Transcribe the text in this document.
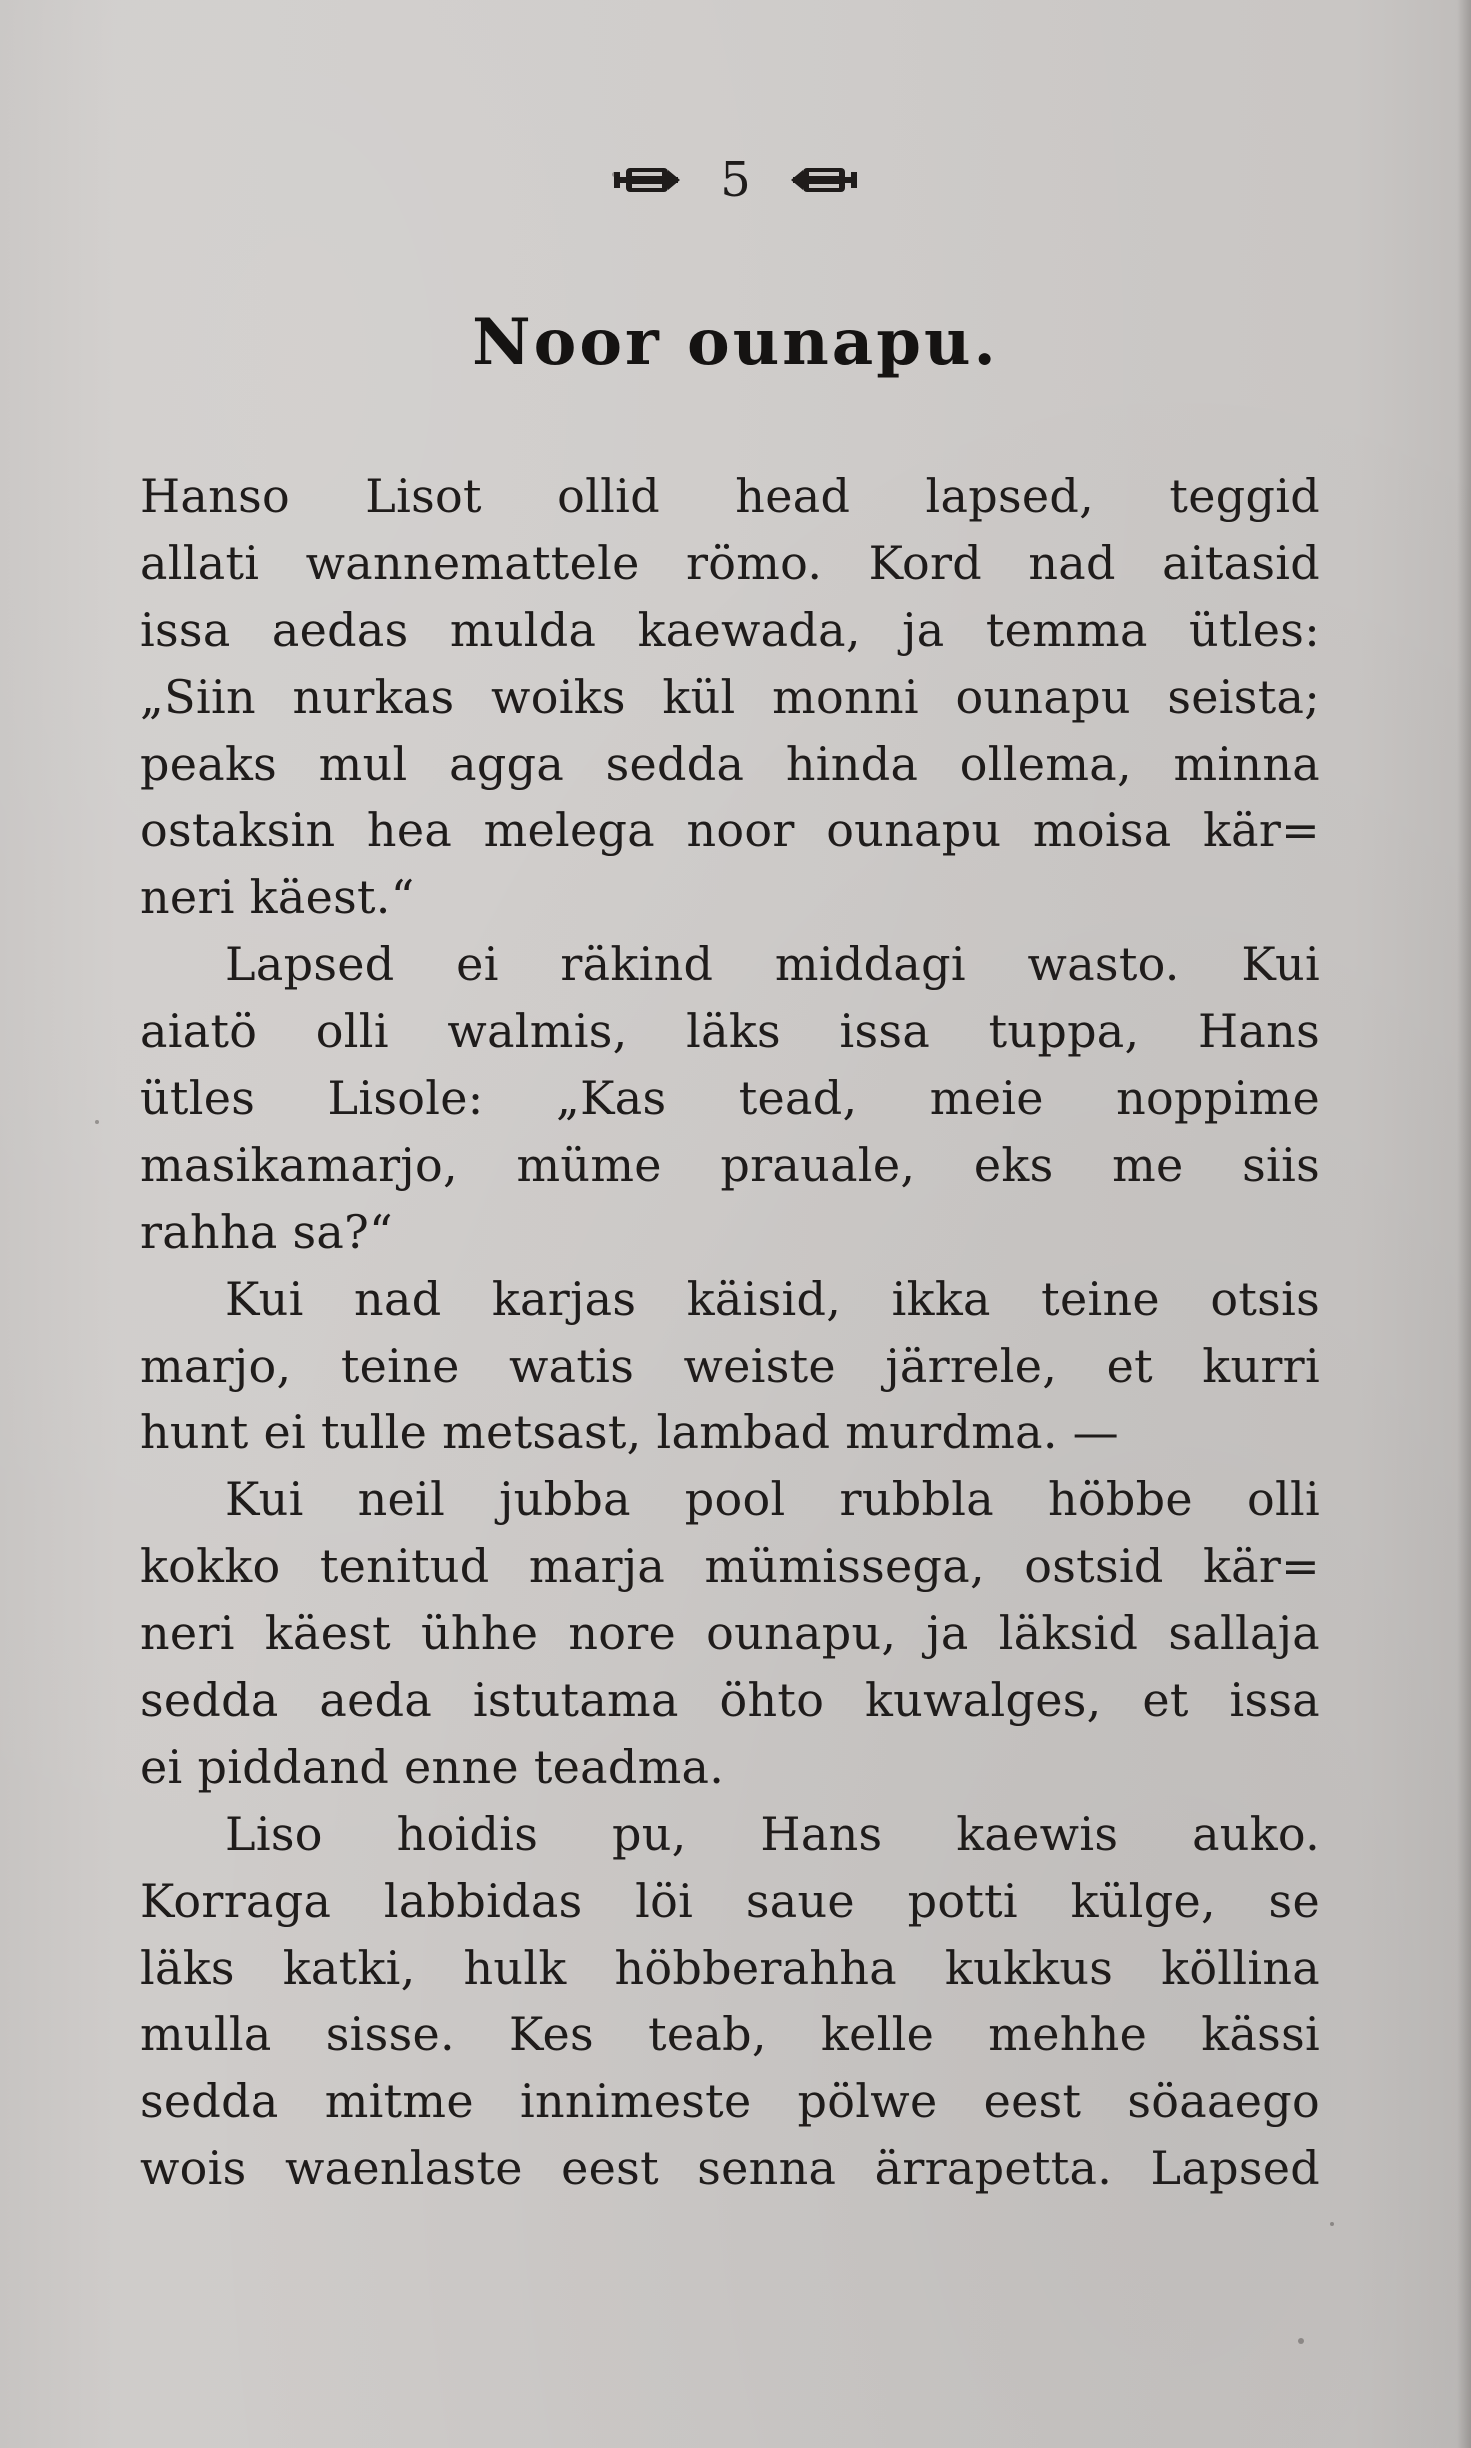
5
Noor ounapu.
Hanso Lisot ollid head lapsed, teggid
allati wannemattele römo. Kord nad aitasid
issa aedas mulda kaewada, ja temma ütles:
„Siin nurkas woiks kül monni ounapu seista;
peaks mul agga sedda hinda ollema, minna
ostaksin hea melega noor ounapu moisa kär=
neri käest.“
Lapsed ei räkind middagi wasto. Kui
aiatö olli walmis, läks issa tuppa, Hans
ütles Lisole: „Kas tead, meie noppime
masikamarjo, müme prauale, eks me siis
rahha sa?“
Kui nad karjas käisid, ikka teine otsis
marjo, teine watis weiste järrele, et kurri
hunt ei tulle metsast, lambad murdma. —
Kui neil jubba pool rubbla höbbe olli
kokko tenitud marja mümissega, ostsid kär=
neri käest ühhe nore ounapu, ja läksid sallaja
sedda aeda istutama öhto kuwalges, et issa
ei piddand enne teadma.
Liso hoidis pu, Hans kaewis auko.
Korraga labbidas löi saue potti külge, se
läks katki, hulk höbberahha kukkus köllina
mulla sisse. Kes teab, kelle mehhe kässi
sedda mitme innimeste pölwe eest söaaego
wois waenlaste eest senna ärrapetta. Lapsed
